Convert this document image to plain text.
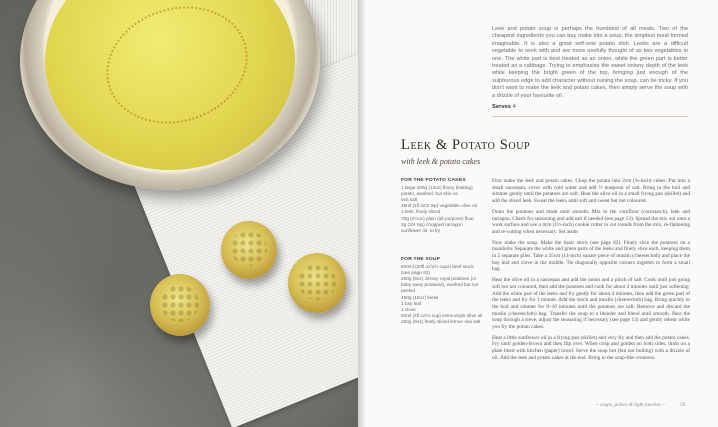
Leek and potato soup is perhaps the humblest of all meals. Two of the cheapest ingredients you can buy make into a soup, the simplest meal formed imaginable. It is also a great self-sow potato dish. Leeks are a difficult vegetable to work with and are more usefully thought of as two vegetables in one. The white part is best treated as an onion, while the green part is better treated as a cabbage. Trying to emphasise the sweet oniony depth of the leek while keeping the bright green of the top, bringing just enough of the sulphurous edge to add character without ruining the soup, can be tricky. If you don't want to make the leek and potato cakes, then simply serve the soup with a drizzle of your favourite oil.
Serves 4
Leek & Potato Soup
with leek & potato cakes
FOR THE POTATO CAKES

1 large 400g (14oz) floury (baking) potato, washed, but skin on

sea salt

25ml (1fl oz/2 tsp) vegetable olive oil

1 leek, finely sliced

70g (2½oz) plain (all-purpose) flour

2g (2/4 tsp) chopped tarragon

sunflower oil, to fry

FOR THE SOUP

600ml (20fl oz/2½ cups) beef stock (see page 82)

250g (9oz) Jersey royal potatoes (or baby waxy potatoes), washed but not peeled

450g (16oz) leeks

1 bay leaf

1 clove

60ml (2fl oz/¼ cup) extra-virgin olive oil

250g (9oz) finely sliced lemon sea salt

First make the leek and potato cakes. Chop the potato into 2cm (¾-inch) cubes. Put into a small saucepan, cover with cold water and add ½ teaspoon of salt. Bring to the boil and simmer gently until the potatoes are soft. Heat the olive oil in a small frying pan (skillet) and add the sliced leek. Sweat the leeks until soft and sweet but not coloured.

Drain the potatoes and mash until smooth. Mix in the cornflour (cornstarch), leek and tarragon. Check for seasoning and add salt if needed (see page 13). Spread the mix out onto a work surface and use a 4cm (1½-inch) cookie cutter to cut rounds from the mix, re-flattening and re-cutting when necessary. Set aside.

Now make the soup. Make the basic stock (see page 82). Finely slice the potatoes on a mandolin. Separate the white and green parts of the leeks and finely slice each, keeping them in 2 separate piles. Take a 35cm (14-inch) square piece of muslin (cheesecloth) and place the bay leaf and clove in the middle. Tie diagonally opposite corners together to form a small bag.

Heat the olive oil in a saucepan and add the onion and a pinch of salt. Cook until just going soft but not coloured, then add the potatoes and cook for about 4 minutes until just softening. Add the white part of the leeks and fry gently for about 4 minutes, then add the green part of the leeks and fry for 1 minute. Add the stock and muslin (cheesecloth) bag. Bring quickly to the boil and simmer for 8–10 minutes until the potatoes are soft. Remove and discard the muslin (cheesecloth) bag. Transfer the soup to a blender and blend until smooth. Pass the soup through a sieve, adjust the seasoning if necessary (see page 13) and gently reheat while you fry the potato cakes.

Heat a little sunflower oil in a frying pan (skillet) and very fry and then add the potato cakes. Fry until golden-brown and then flip over. When crisp and golden on both sides, drain on a plate lined with kitchen (paper) towel. Serve the soup hot (but not boiling) with a drizzle of oil. Add the leek and potato cakes at the end. Bring to the soup-like croutons.

~ soups, pulses & light lunches ~	59
